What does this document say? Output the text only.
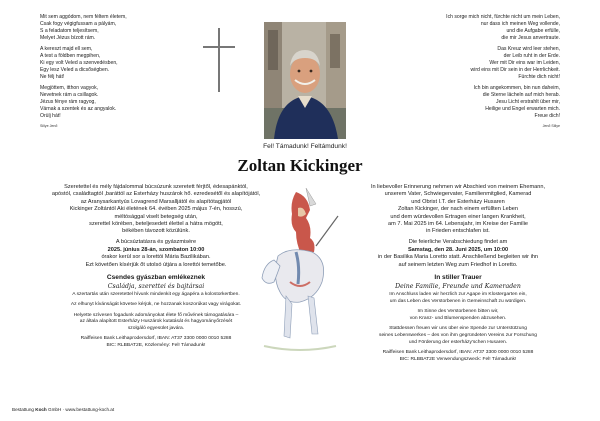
Mit sem aggódom, nem féltem életem,
Csak fogy végigfussam a pályám,
S a feladatom teljesítsem,
Melyet Jézus bízott rám.

A kereszt majd ell sem,
A test a földben megpihen,
Ki egy volt Veled a szenvedésben,
Egy lesz Veled a dicsőségben.
Ne félj hát!

Megjöttem, itthon vagyok,
Nevetnek rám a csillagok.
Jézus fénye rám ragyog,
Várnak a szentek és az angyalok.
Orülj hát!

Sillye Jenő

Ich sorge mich nicht, fürchte nicht um mein Leben,
nur dass ich meinen Weg vollende,
und die Aufgabe erfülle,
die mir Jesus anvertraute.

Das Kreuz wird leer stehen,
der Leib ruht in der Erde.
Wer mit Dir eins war im Leiden,
wird eins mit Dir sein in der Herrlichkeit.
Fürchte dich nicht!

Ich bin angekommen, bin nun daheim,
die Sterne lächeln auf mich herab.
Jesu Licht erstrahlt über mir,
Heilige und Engel erwarten mich.
Freue dich!

Jenő Sillye
Fel! Támadunk! Feltámdunk!
Zoltan Kickinger

Szeretettel és mély fájdalommal búcsúzunk szeretett férjtől, édesapánktól,
apóstól, családtagtól ,baráttól az Esterházy huszárok hő. ezredesétől és alapítójától,
az Aranysarkantyús Lovagrend Marsalljától és alapítótagjától
Kickinger Zoltántól Aki életének 64. évében 2025 május 7-én, hosszú,
méltósággal viselt betegség után,
szeretteI körében, beteljesedett élettel a hátra mögött,
békében távozott közülünk.

A búcsúztatásra és gyászmisére

2025. június 28-án, szombaton 10:00

órakor kerül sor a lorettói Mária Bazilikában.
Ezt követően kísérjük őt utolsó útjára a lorettói temetőbe.

Csendes gyászban emlékeznek

Családja, szerettei és bajtársai

A szertartás után szeretettel hívunk mindenkit egy ágapéra a kolostorkertben.

Az elhunyt kívánságát követve kérjük, ne hozzanak koszorúkat vagy virágokat.

Helyette szívesen fogadunk adományokat élete fő művének támogatására –
az általa alapított Esterházy Huszárok kutatását és hagyományőrzését
szolgáló egyesület javára.

Raiffeisen Bank Leithaprodersdorf, IBAN: AT37 3300 0000 0010 5288
BIC: RLBBAT2E, Közlemény: Fel! Támadunk!

In liebevoller Erinnerung nehmen wir Abschied von meinem Ehemann,
unserem Vater, Schwiegervater, Familienmitglied, Kamerad
und Obrist I.T. der Esterházy Husaren
Zoltan Kickinger, der nach einem erfüllten Leben
und dem würdevollen Ertragen einer langen Krankheit,
am 7. Mai 2025 im 64. Lebensjahr, im Kreise der Familie
in Frieden entschlafen ist.

Die feierliche Verabschiedung findet am

Samstag, den 28. Juni 2025, um 10:00

in der Basilika Maria Loretto statt. Anschließend begleiten wir ihn
auf seinem letzten Weg zum Friedhof in Loretto.

In stiller Trauer

Deine Familie, Freunde und Kameraden

Im Anschluss laden wir herzlich zur Agape im Klostergarten ein,
um das Leben des Verstorbenen in Gemeinschaft zu würdigen.

Im Sinne des Verstorbenen bitten wir,
von Kranz- und Blumenspenden abzusehen.

Stattdessen freuen wir uns über eine Spende zur Unterstützung
seines Lebenswerkes – des von ihm gegründeten Vereins zur Forschung
und Förderung der esterházy'schen Husaren.

Raiffeisen Bank Leithaprodersdorf, IBAN: AT37 3300 0000 0010 5288
BIC: RLBBAT2E Verwendungszweck: Fel! Támadunk!

Bestattung Koch GmbH · www.bestattung-koch.at
